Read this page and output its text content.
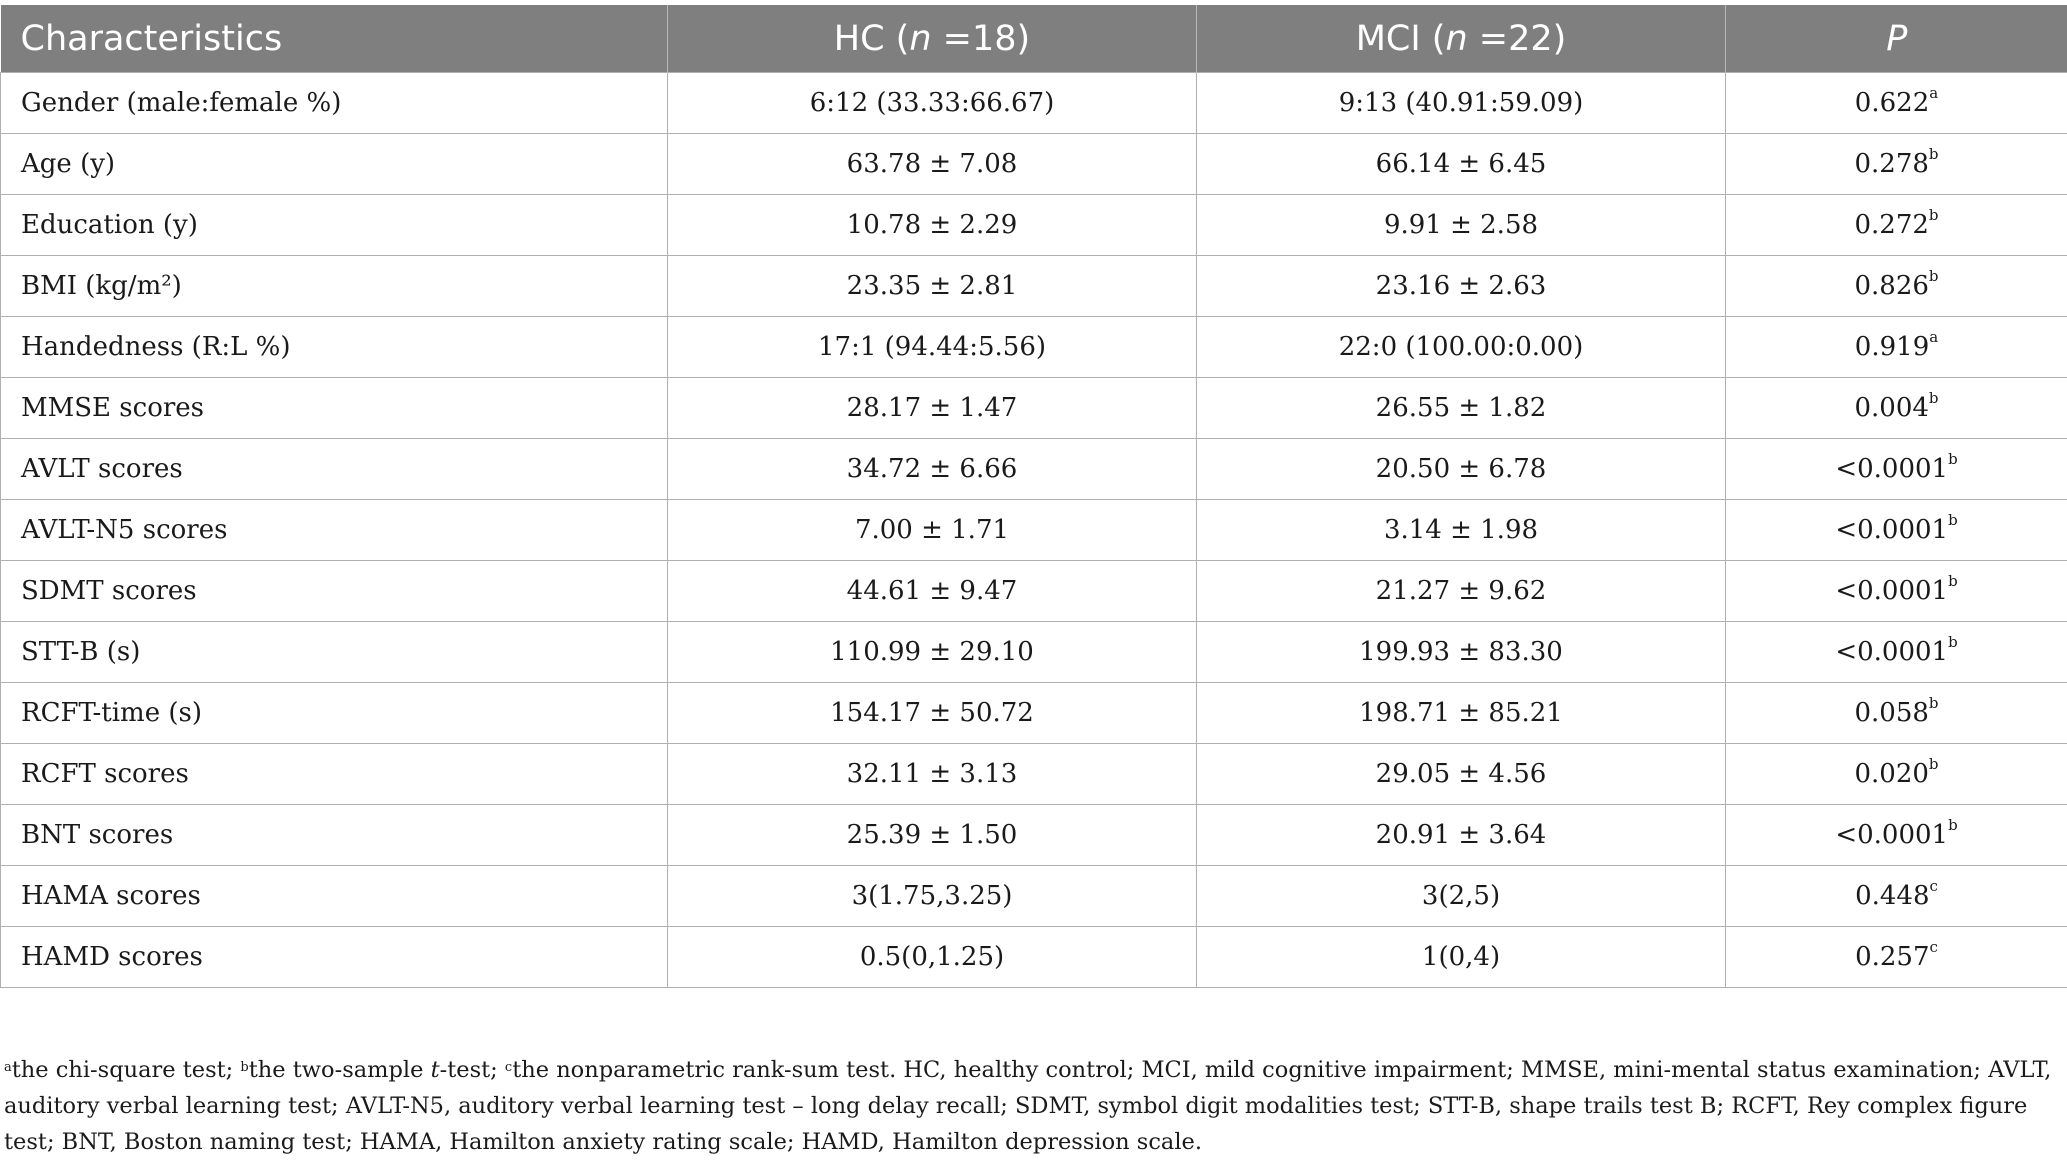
Characteristics	HC (n =18)	MCI (n =22)	P
Gender (male:female %)	6:12 (33.33:66.67)	9:13 (40.91:59.09)	0.622$^a$
Age (y)	63.78 ± 7.08	66.14 ± 6.45	0.278$^b$
Education (y)	10.78 ± 2.29	9.91 ± 2.58	0.272$^b$
BMI (kg/m²)	23.35 ± 2.81	23.16 ± 2.63	0.826$^b$
Handedness (R:L %)	17:1 (94.44:5.56)	22:0 (100.00:0.00)	0.919$^a$
MMSE scores	28.17 ± 1.47	26.55 ± 1.82	0.004$^b$
AVLT scores	34.72 ± 6.66	20.50 ± 6.78	<0.0001$^b$
AVLT-N5 scores	7.00 ± 1.71	3.14 ± 1.98	<0.0001$^b$
SDMT scores	44.61 ± 9.47	21.27 ± 9.62	<0.0001$^b$
STT-B (s)	110.99 ± 29.10	199.93 ± 83.30	<0.0001$^b$
RCFT-time (s)	154.17 ± 50.72	198.71 ± 85.21	0.058$^b$
RCFT scores	32.11 ± 3.13	29.05 ± 4.56	0.020$^b$
BNT scores	25.39 ± 1.50	20.91 ± 3.64	<0.0001$^b$
HAMA scores	3(1.75,3.25)	3(2,5)	0.448$^c$
HAMD scores	0.5(0,1.25)	1(0,4)	0.257$^c$
$^a$the chi-square test; $^b$the two-sample t-test; $^c$the nonparametric rank-sum test. HC, healthy control; MCI, mild cognitive impairment; MMSE, mini-mental status examination; AVLT, auditory verbal learning test; AVLT-N5, auditory verbal learning test – long delay recall; SDMT, symbol digit modalities test; STT-B, shape trails test B; RCFT, Rey complex figure test; BNT, Boston naming test; HAMA, Hamilton anxiety rating scale; HAMD, Hamilton depression scale.
